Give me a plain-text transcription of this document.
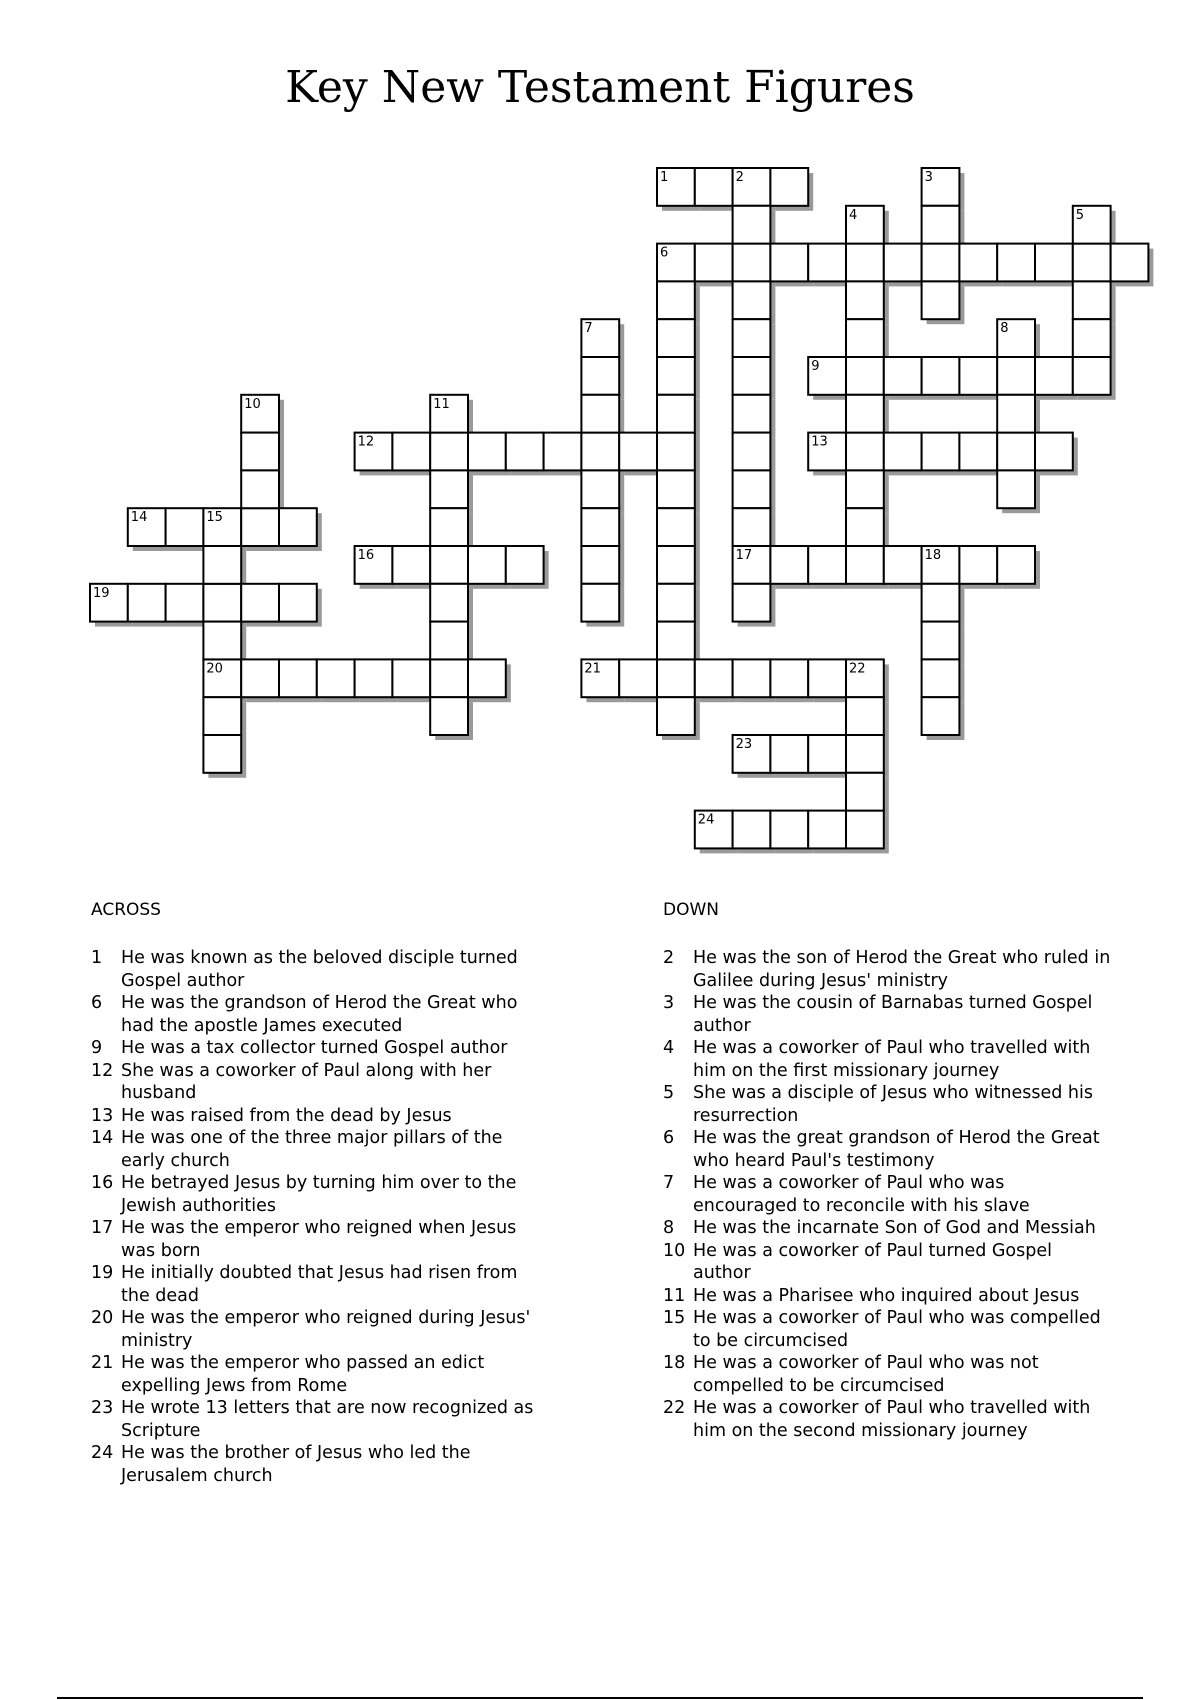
Key New Testament Figures
1	2
6
9
12	13
14	15
16	17	18
19
20	21	22
23
24
3
4	5
7	8
10	11
ACROSS
1	He was known as the beloved disciple turned Gospel author
6	He was the grandson of Herod the Great who had the apostle James executed
9	He was a tax collector turned Gospel author
12 She was a coworker of Paul along with her husband
13 He was raised from the dead by Jesus
14 He was one of the three major pillars of the early church
16 He betrayed Jesus by turning him over to the Jewish authorities
17 He was the emperor who reigned when Jesus was born
19 He initially doubted that Jesus had risen from the dead
20 He was the emperor who reigned during Jesus' ministry
21 He was the emperor who passed an edict expelling Jews from Rome
23 He wrote 13 letters that are now recognized as Scripture
24 He was the brother of Jesus who led the Jerusalem church
DOWN
2	He was the son of Herod the Great who ruled in Galilee during Jesus' ministry
3	He was the cousin of Barnabas turned Gospel author
4	He was a coworker of Paul who travelled with him on the first missionary journey
5	She was a disciple of Jesus who witnessed his resurrection
6	He was the great grandson of Herod the Great who heard Paul's testimony
7	He was a coworker of Paul who was encouraged to reconcile with his slave
8	He was the incarnate Son of God and Messiah
10 He was a coworker of Paul turned Gospel author
11 He was a Pharisee who inquired about Jesus
15 He was a coworker of Paul who was compelled to be circumcised
18 He was a coworker of Paul who was not compelled to be circumcised
22 He was a coworker of Paul who travelled with him on the second missionary journey
